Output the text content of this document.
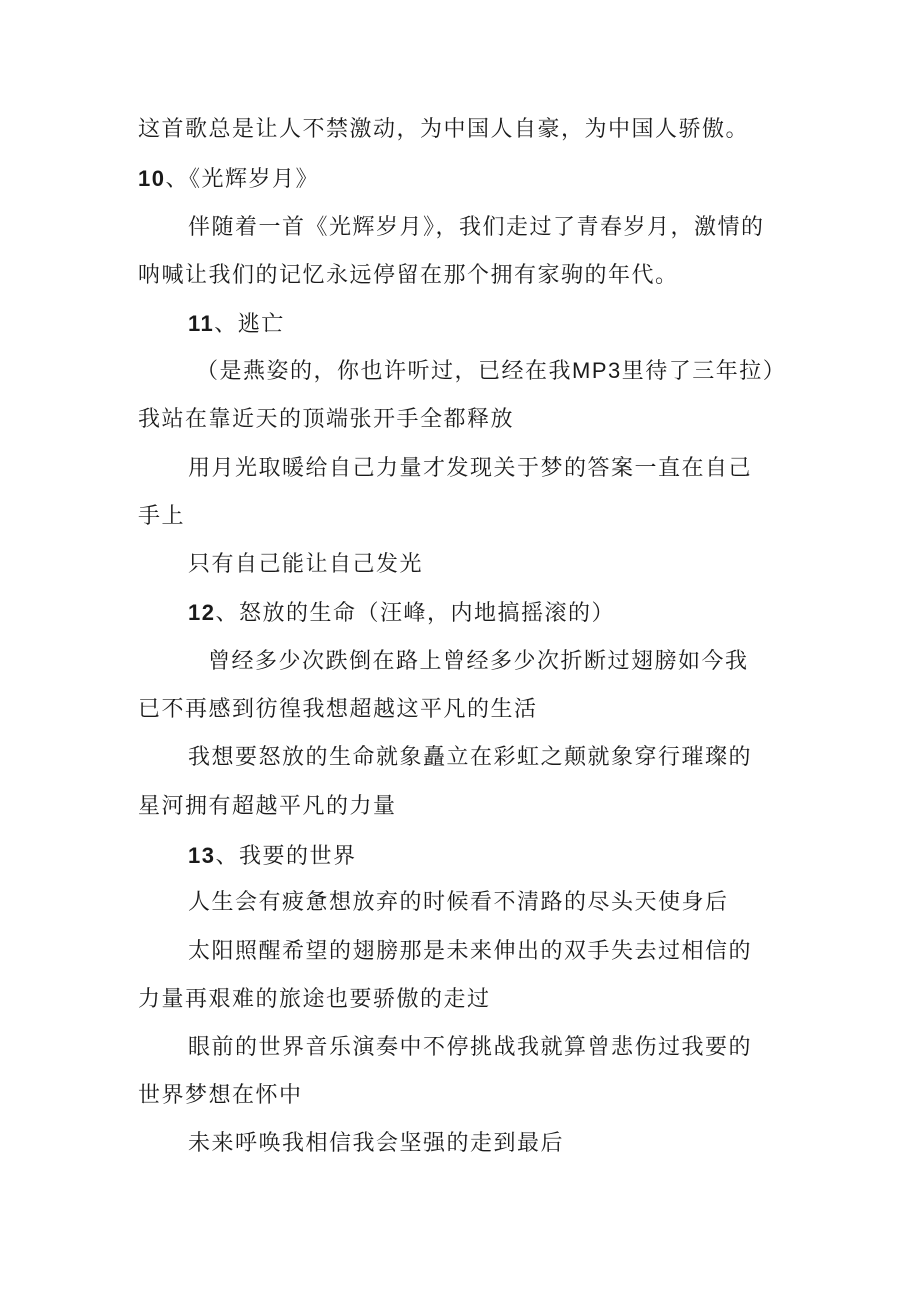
这首歌总是让人不禁激动，为中国人自豪，为中国人骄傲。
10、《光辉岁月》
伴随着一首《光辉岁月》，我们走过了青春岁月，激情的
呐喊让我们的记忆永远停留在那个拥有家驹的年代。
11、逃亡
（是燕姿的，你也许听过，已经在我MP3里待了三年拉）
我站在靠近天的顶端张开手全都释放
用月光取暖给自己力量才发现关于梦的答案一直在自己
手上
只有自己能让自己发光
12、怒放的生命（汪峰，内地搞摇滚的）
曾经多少次跌倒在路上曾经多少次折断过翅膀如今我
已不再感到彷徨我想超越这平凡的生活
我想要怒放的生命就象矗立在彩虹之颠就象穿行璀璨的
星河拥有超越平凡的力量
13、我要的世界
人生会有疲惫想放弃的时候看不清路的尽头天使身后
太阳照醒希望的翅膀那是未来伸出的双手失去过相信的
力量再艰难的旅途也要骄傲的走过
眼前的世界音乐演奏中不停挑战我就算曾悲伤过我要的
世界梦想在怀中
未来呼唤我相信我会坚强的走到最后
